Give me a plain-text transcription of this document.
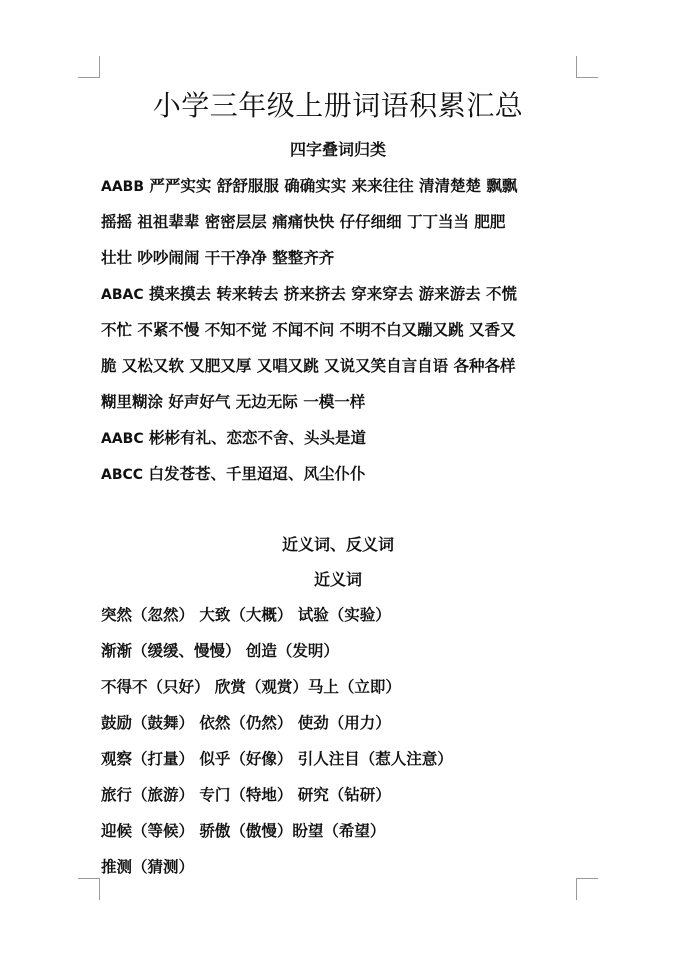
小学三年级上册词语积累汇总
四字叠词归类
AABB 严严实实 舒舒服服 确确实实 来来往往 清清楚楚 飘飘
摇摇 祖祖辈辈 密密层层 痛痛快快 仔仔细细 丁丁当当 肥肥
壮壮 吵吵闹闹 干干净净 整整齐齐
ABAC 摸来摸去 转来转去 挤来挤去 穿来穿去 游来游去 不慌
不忙 不紧不慢 不知不觉 不闻不问 不明不白又蹦又跳 又香又
脆 又松又软 又肥又厚 又唱又跳 又说又笑自言自语 各种各样
糊里糊涂 好声好气 无边无际 一模一样
AABC 彬彬有礼、恋恋不舍、头头是道
ABCC 白发苍苍、千里迢迢、风尘仆仆
近义词、反义词
近义词
突然（忽然） 大致（大概） 试验（实验）
渐渐（缓缓、慢慢） 创造（发明）
不得不（只好） 欣赏（观赏）马上（立即）
鼓励（鼓舞） 依然（仍然） 使劲（用力）
观察（打量） 似乎（好像） 引人注目（惹人注意）
旅行（旅游） 专门（特地） 研究（钻研）
迎候（等候） 骄傲（傲慢）盼望（希望）
推测（猜测）
